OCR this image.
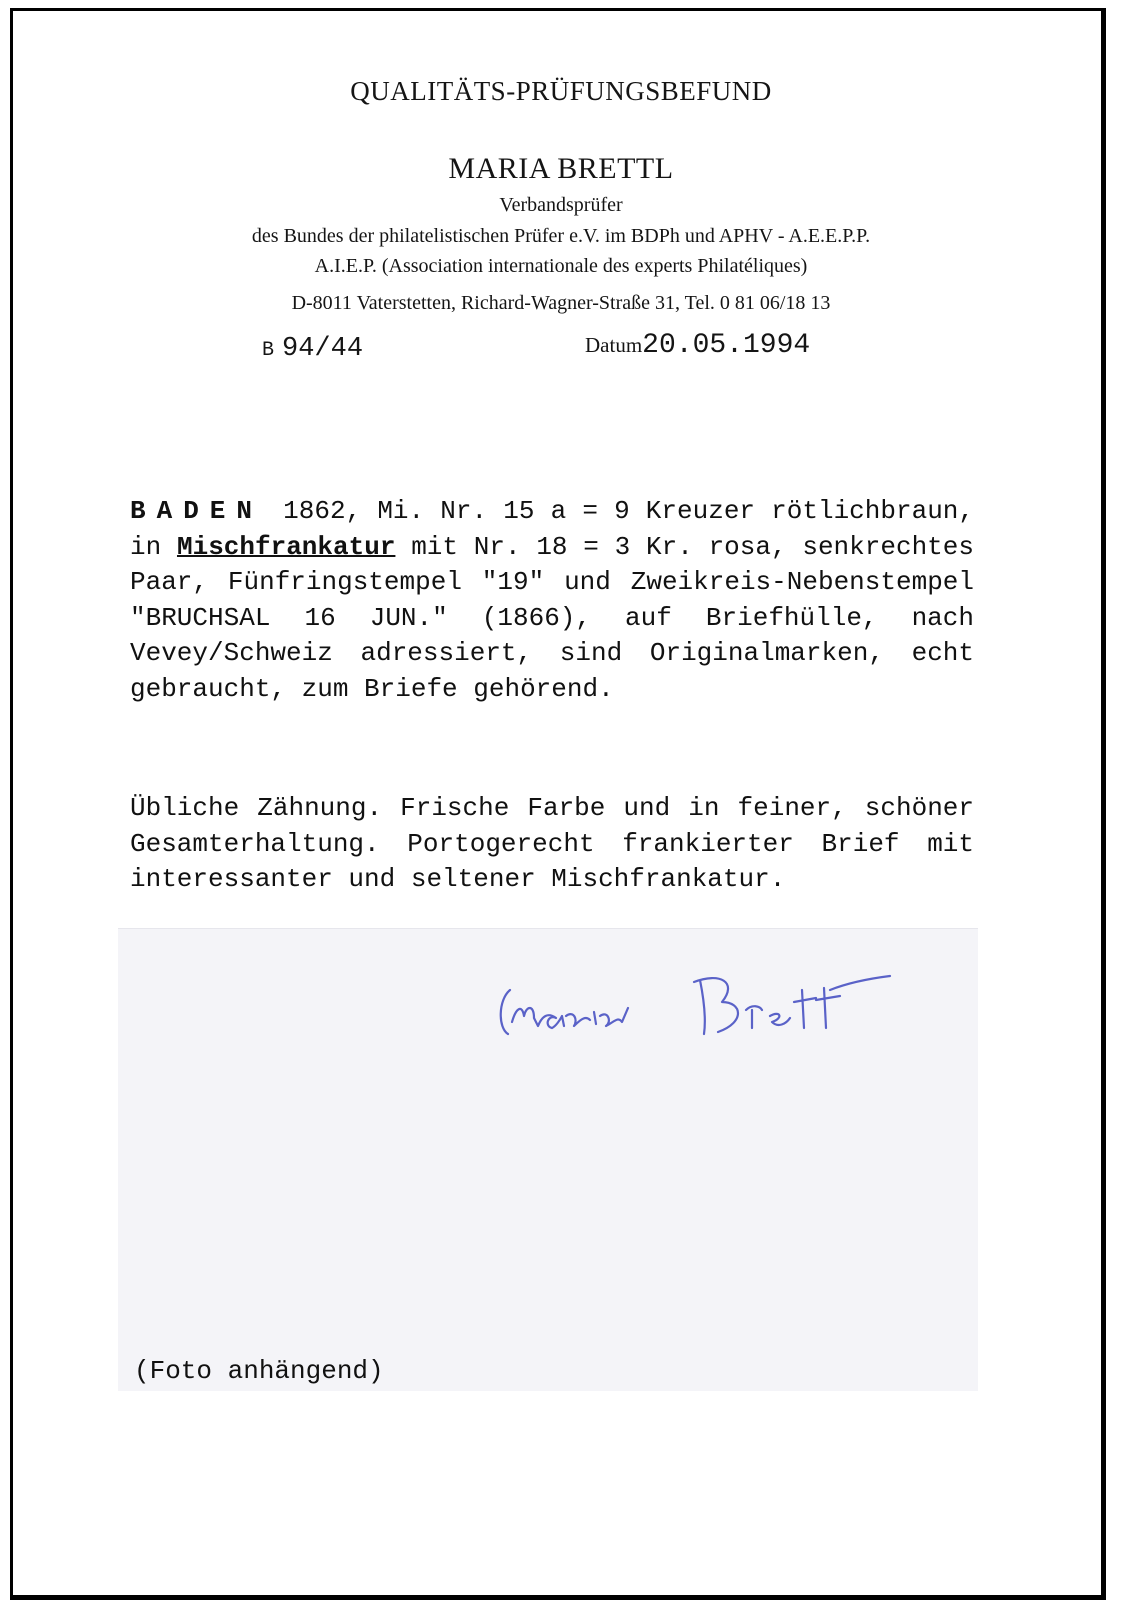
QUALITÄTS-PRÜFUNGSBEFUND
MARIA BRETTL
Verbandsprüfer
des Bundes der philatelistischen Prüfer e.V. im BDPh und APHV - A.E.E.P.P.
A.I.E.P. (Association internationale des experts Philatéliques)
D-8011 Vaterstetten, Richard-Wagner-Straße 31, Tel. 0 81 06/18 13
B 94/44	Datum20.05.1994

BADEN 1862, Mi. Nr. 15 a = 9 Kreuzer rötlichbraun, in Mischfrankatur mit Nr. 18 = 3 Kr. rosa, senkrechtes Paar, Fünfringstempel "19" und Zweikreis-Nebenstempel "BRUCHSAL 16 JUN." (1866), auf Briefhülle, nach Vevey/Schweiz adressiert, sind Originalmarken, echt gebraucht, zum Briefe gehörend.

Übliche Zähnung. Frische Farbe und in feiner, schöner Gesamterhaltung. Portogerecht frankierter Brief mit interessanter und seltener Mischfrankatur.

(Foto anhängend)
